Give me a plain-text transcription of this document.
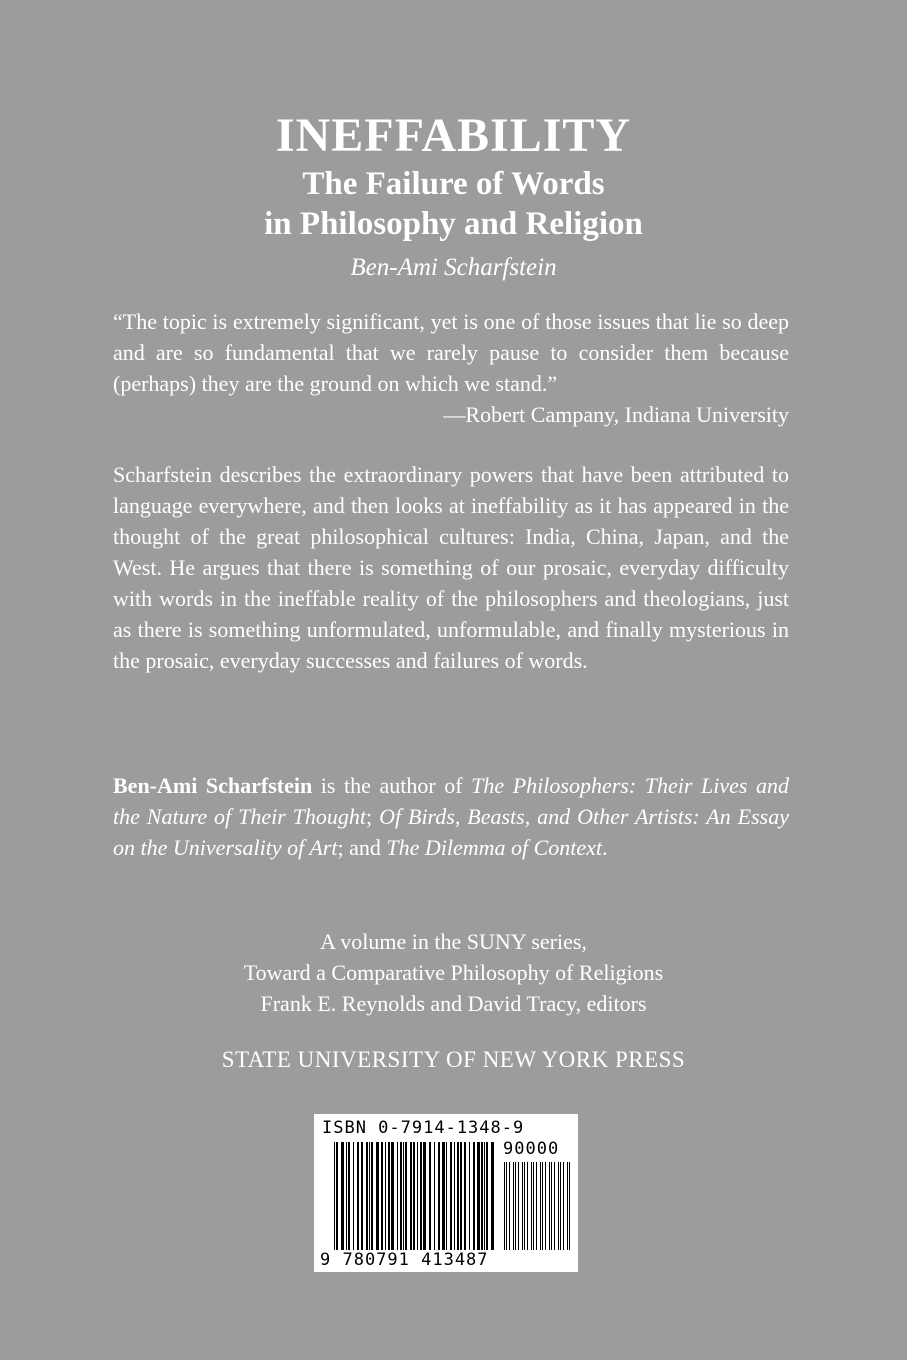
INEFFABILITY
The Failure of Words
in Philosophy and Religion
Ben-Ami Scharfstein
“The topic is extremely significant, yet is one of those issues that lie so deep and are so fundamental that we rarely pause to consider them because (perhaps) they are the ground on which we stand.”
—Robert Campany, Indiana University
Scharfstein describes the extraordinary powers that have been attributed to language everywhere, and then looks at ineffability as it has appeared in the thought of the great philosophical cultures: India, China, Japan, and the West. He argues that there is something of our prosaic, everyday difficulty with words in the ineffable reality of the philosophers and theologians, just as there is something unformulated, unformulable, and finally mysterious in the prosaic, everyday successes and failures of words.
Ben-Ami Scharfstein is the author of The Philosophers: Their Lives and the Nature of Their Thought; Of Birds, Beasts, and Other Artists: An Essay on the Universality of Art; and The Dilemma of Context.
A volume in the SUNY series,
Toward a Comparative Philosophy of Religions
Frank E. Reynolds and David Tracy, editors
STATE UNIVERSITY OF NEW YORK PRESS
ISBN 0-7914-1348-9
90000
9 780791 413487
